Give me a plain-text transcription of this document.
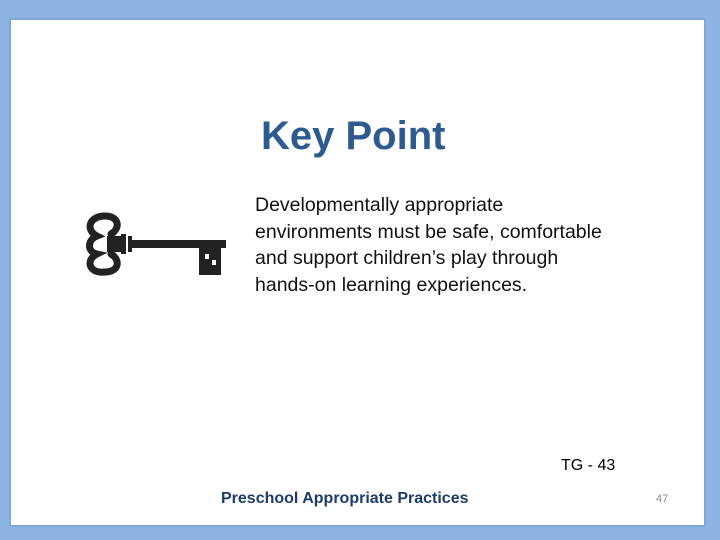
Key Point

Developmentally appropriate environments must be safe, comfortable and support children’s play through hands-on learning experiences.

TG - 43
Preschool Appropriate Practices	47
